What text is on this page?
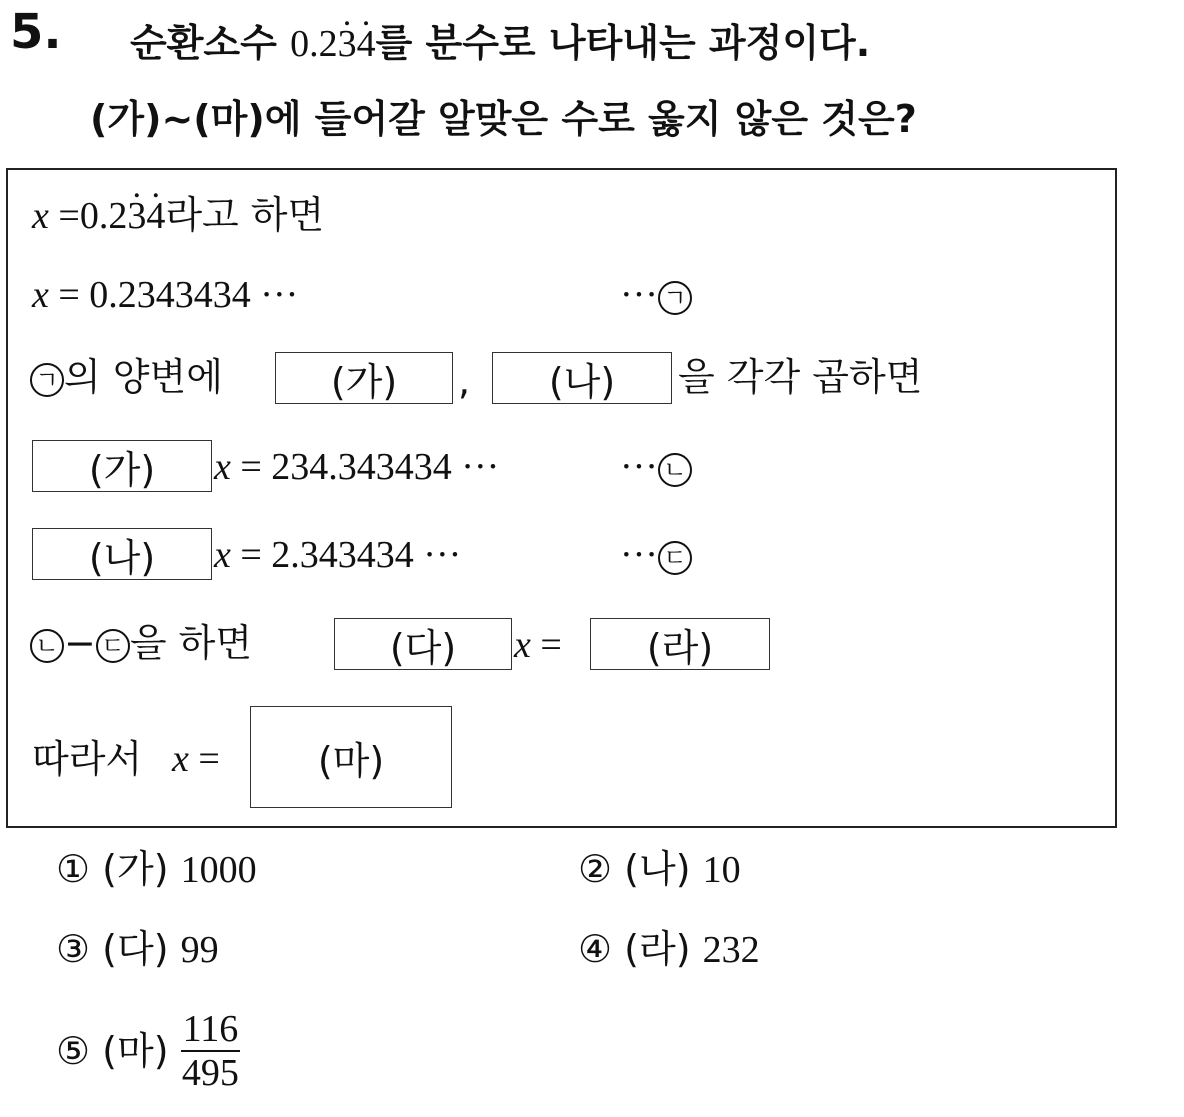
5. 순환소수 0.2. 3. 4를 분수로 나타내는 과정이다.
(가)~(마)에 들어갈 알맞은 수로 옳지 않은 것은?
x =0.2. 3. 4라고 하면
x = 0.2343434 ···	··· ㄱ
ㄱ 의 양변에	(가)	,	(나)	을 각각 곱하면
(가)	x = 234.343434 ···	··· ㄴ
(나)	x = 2.343434 ···	··· ㄷ
ㄴ − ㄷ 을 하면	(다)	x =	(라)
따라서 x =	(마)
① (가) 1000	② (나) 10
③ (다) 99	④ (라) 232
⑤ (마) $\frac{116}{495}$
